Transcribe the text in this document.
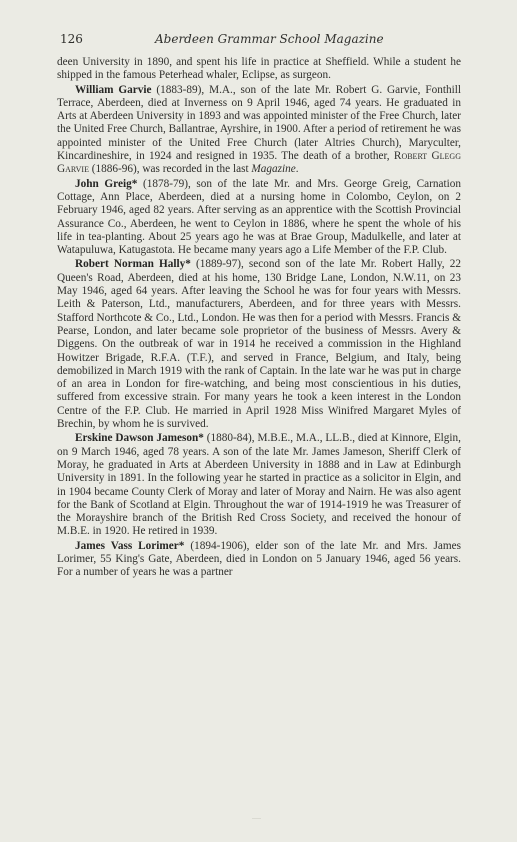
126	Aberdeen Grammar School Magazine

deen University in 1890, and spent his life in practice at Sheffield. While a student he shipped in the famous Peterhead whaler, Eclipse, as surgeon.

William Garvie (1883-89), M.A., son of the late Mr. Robert G. Garvie, Fonthill Terrace, Aberdeen, died at Inverness on 9 April 1946, aged 74 years. He graduated in Arts at Aberdeen University in 1893 and was appointed minister of the Free Church, later the United Free Church, Ballantrae, Ayrshire, in 1900. After a period of retirement he was appointed minister of the United Free Church (later Altries Church), Maryculter, Kincardineshire, in 1924 and resigned in 1935. The death of a brother, Robert Glegg Garvie (1886-96), was recorded in the last Magazine.

John Greig* (1878-79), son of the late Mr. and Mrs. George Greig, Carnation Cottage, Ann Place, Aberdeen, died at a nursing home in Colombo, Ceylon, on 2 February 1946, aged 82 years. After serving as an apprentice with the Scottish Provincial Assurance Co., Aberdeen, he went to Ceylon in 1886, where he spent the whole of his life in tea-planting. About 25 years ago he was at Brae Group, Madulkelle, and later at Watapuluwa, Katugastota. He became many years ago a Life Member of the F.P. Club.

Robert Norman Hally* (1889-97), second son of the late Mr. Robert Hally, 22 Queen's Road, Aberdeen, died at his home, 130 Bridge Lane, London, N.W.11, on 23 May 1946, aged 64 years. After leaving the School he was for four years with Messrs. Leith & Paterson, Ltd., manufacturers, Aberdeen, and for three years with Messrs. Stafford Northcote & Co., Ltd., London. He was then for a period with Messrs. Francis & Pearse, London, and later became sole proprietor of the business of Messrs. Avery & Diggens. On the outbreak of war in 1914 he received a commission in the Highland Howitzer Brigade, R.F.A. (T.F.), and served in France, Belgium, and Italy, being demobilized in March 1919 with the rank of Captain. In the late war he was put in charge of an area in London for fire-watching, and being most conscientious in his duties, suffered from excessive strain. For many years he took a keen interest in the London Centre of the F.P. Club. He married in April 1928 Miss Winifred Margaret Myles of Brechin, by whom he is survived.

Erskine Dawson Jameson* (1880-84), M.B.E., M.A., LL.B., died at Kinnore, Elgin, on 9 March 1946, aged 78 years. A son of the late Mr. James Jameson, Sheriff Clerk of Moray, he graduated in Arts at Aberdeen University in 1888 and in Law at Edinburgh University in 1891. In the following year he started in practice as a solicitor in Elgin, and in 1904 became County Clerk of Moray and later of Moray and Nairn. He was also agent for the Bank of Scotland at Elgin. Throughout the war of 1914-1919 he was Treasurer of the Morayshire branch of the British Red Cross Society, and received the honour of M.B.E. in 1920. He retired in 1939.

James Vass Lorimer* (1894-1906), elder son of the late Mr. and Mrs. James Lorimer, 55 King's Gate, Aberdeen, died in London on 5 January 1946, aged 56 years. For a number of years he was a partner

―
